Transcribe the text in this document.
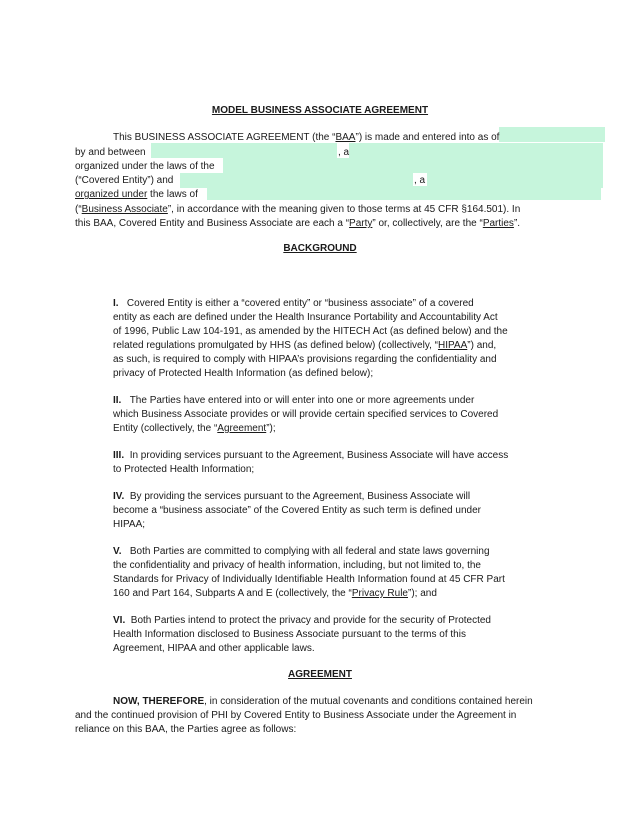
MODEL BUSINESS ASSOCIATE AGREEMENT
This BUSINESS ASSOCIATE AGREEMENT (the “BAA”) is made and entered into as of
by and between	, a
organized under the laws of the
(“Covered Entity”) and	, a
organized under the laws of
(“Business Associate”, in accordance with the meaning given to those terms at 45 CFR §164.501). In
this BAA, Covered Entity and Business Associate are each a “Party” or, collectively, are the “Parties”.
BACKGROUND
I. Covered Entity is either a “covered entity” or “business associate” of a covered
entity as each are defined under the Health Insurance Portability and Accountability Act
of 1996, Public Law 104-191, as amended by the HITECH Act (as defined below) and the
related regulations promulgated by HHS (as defined below) (collectively, “HIPAA”) and,
as such, is required to comply with HIPAA’s provisions regarding the confidentiality and
privacy of Protected Health Information (as defined below);
II. The Parties have entered into or will enter into one or more agreements under
which Business Associate provides or will provide certain specified services to Covered
Entity (collectively, the “Agreement”);
III. In providing services pursuant to the Agreement, Business Associate will have access
to Protected Health Information;
IV. By providing the services pursuant to the Agreement, Business Associate will
become a “business associate” of the Covered Entity as such term is defined under
HIPAA;
V. Both Parties are committed to complying with all federal and state laws governing
the confidentiality and privacy of health information, including, but not limited to, the
Standards for Privacy of Individually Identifiable Health Information found at 45 CFR Part
160 and Part 164, Subparts A and E (collectively, the “Privacy Rule”); and
VI. Both Parties intend to protect the privacy and provide for the security of Protected
Health Information disclosed to Business Associate pursuant to the terms of this
Agreement, HIPAA and other applicable laws.
AGREEMENT
NOW, THEREFORE, in consideration of the mutual covenants and conditions contained herein
and the continued provision of PHI by Covered Entity to Business Associate under the Agreement in
reliance on this BAA, the Parties agree as follows:
